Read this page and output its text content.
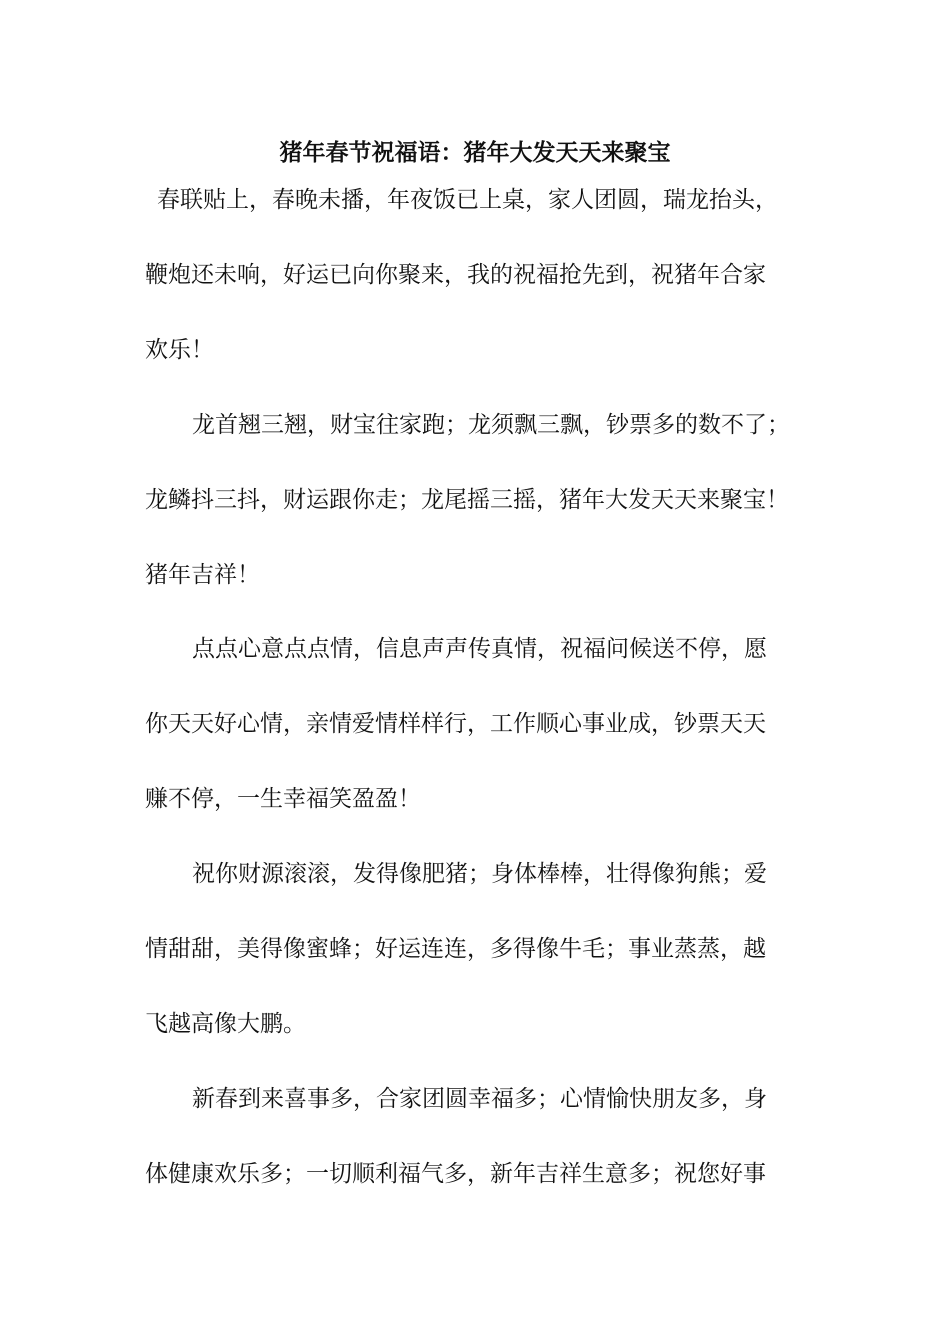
猪年春节祝福语：猪年大发天天来聚宝

春联贴上，春晚未播，年夜饭已上桌，家人团圆，瑞龙抬头，

鞭炮还未响，好运已向你聚来，我的祝福抢先到，祝猪年合家

欢乐！

龙首翘三翘，财宝往家跑；龙须飘三飘，钞票多的数不了；

龙鳞抖三抖，财运跟你走；龙尾摇三摇，猪年大发天天来聚宝！

猪年吉祥！

点点心意点点情，信息声声传真情，祝福问候送不停，愿

你天天好心情，亲情爱情样样行，工作顺心事业成，钞票天天

赚不停，一生幸福笑盈盈！

祝你财源滚滚，发得像肥猪；身体棒棒，壮得像狗熊；爱

情甜甜，美得像蜜蜂；好运连连，多得像牛毛；事业蒸蒸，越

飞越高像大鹏。

新春到来喜事多，合家团圆幸福多；心情愉快朋友多，身

体健康欢乐多；一切顺利福气多，新年吉祥生意多；祝您好事
